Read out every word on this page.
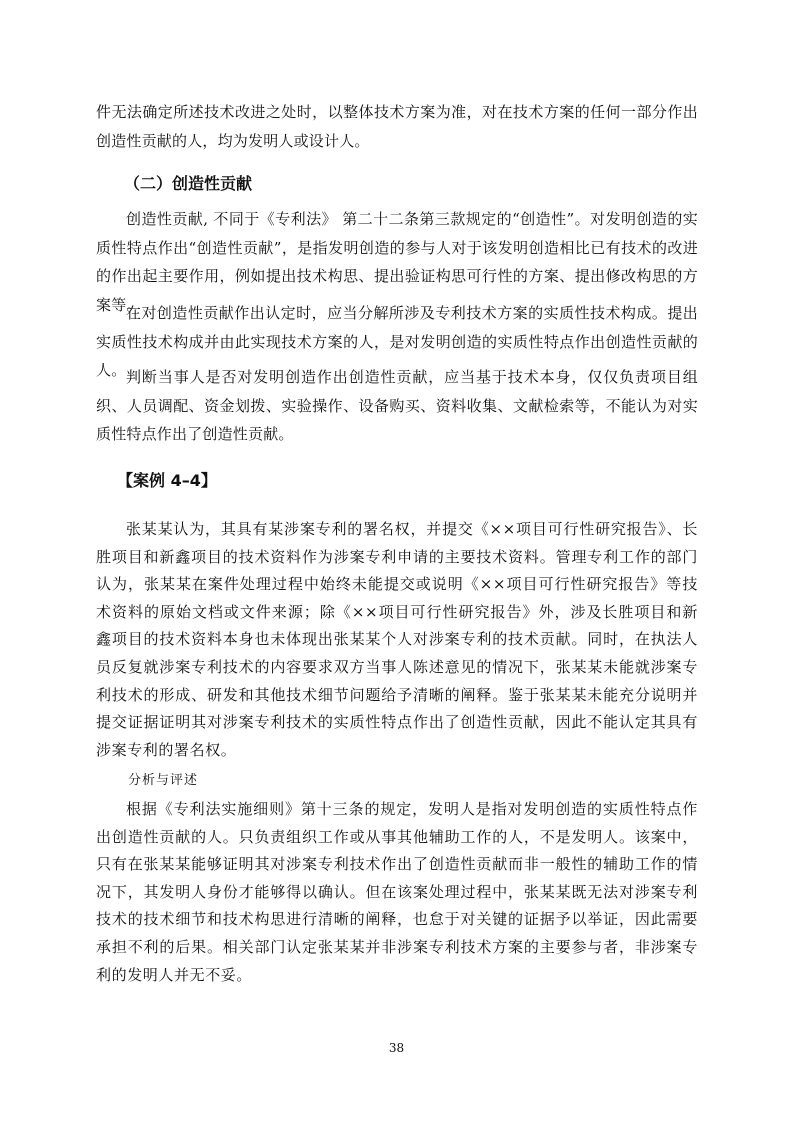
件无法确定所述技术改进之处时，以整体技术方案为准，对在技术方案的任何一部分作出创造性贡献的人，均为发明人或设计人。

（二）创造性贡献

创造性贡献, 不同于《专利法》 第二十二条第三款规定的“创造性”。对发明创造的实质性特点作出“创造性贡献”，是指发明创造的参与人对于该发明创造相比已有技术的改进的作出起主要作用，例如提出技术构思、提出验证构思可行性的方案、提出修改构思的方案等。

在对创造性贡献作出认定时，应当分解所涉及专利技术方案的实质性技术构成。提出实质性技术构成并由此实现技术方案的人，是对发明创造的实质性特点作出创造性贡献的人。 判断当事人是否对发明创造作出创造性贡献，应当基于技术本身，仅仅负责项目组织、人员调配、资金划拨、实验操作、设备购买、资料收集、文献检索等，不能认为对实质性特点作出了创造性贡献。

【案例 4–4】

张某某认为，其具有某涉案专利的署名权，并提交《××项目可行性研究报告》、长胜项目和新鑫项目的技术资料作为涉案专利申请的主要技术资料。管理专利工作的部门认为，张某某在案件处理过程中始终未能提交或说明《××项目可行性研究报告》等技术资料的原始文档或文件来源；除《××项目可行性研究报告》外，涉及长胜项目和新鑫项目的技术资料本身也未体现出张某某个人对涉案专利的技术贡献。同时，在执法人员反复就涉案专利技术的内容要求双方当事人陈述意见的情况下，张某某未能就涉案专利技术的形成、研发和其他技术细节问题给予清晰的阐释。鉴于张某某未能充分说明并提交证据证明其对涉案专利技术的实质性特点作出了创造性贡献，因此不能认定其具有涉案专利的署名权。

分析与评述

根据《专利法实施细则》第十三条的规定，发明人是指对发明创造的实质性特点作出创造性贡献的人。只负责组织工作或从事其他辅助工作的人，不是发明人。该案中，只有在张某某能够证明其对涉案专利技术作出了创造性贡献而非一般性的辅助工作的情况下，其发明人身份才能够得以确认。但在该案处理过程中，张某某既无法对涉案专利技术的技术细节和技术构思进行清晰的阐释，也怠于对关键的证据予以举证，因此需要承担不利的后果。相关部门认定张某某并非涉案专利技术方案的主要参与者，非涉案专利的发明人并无不妥。

38
